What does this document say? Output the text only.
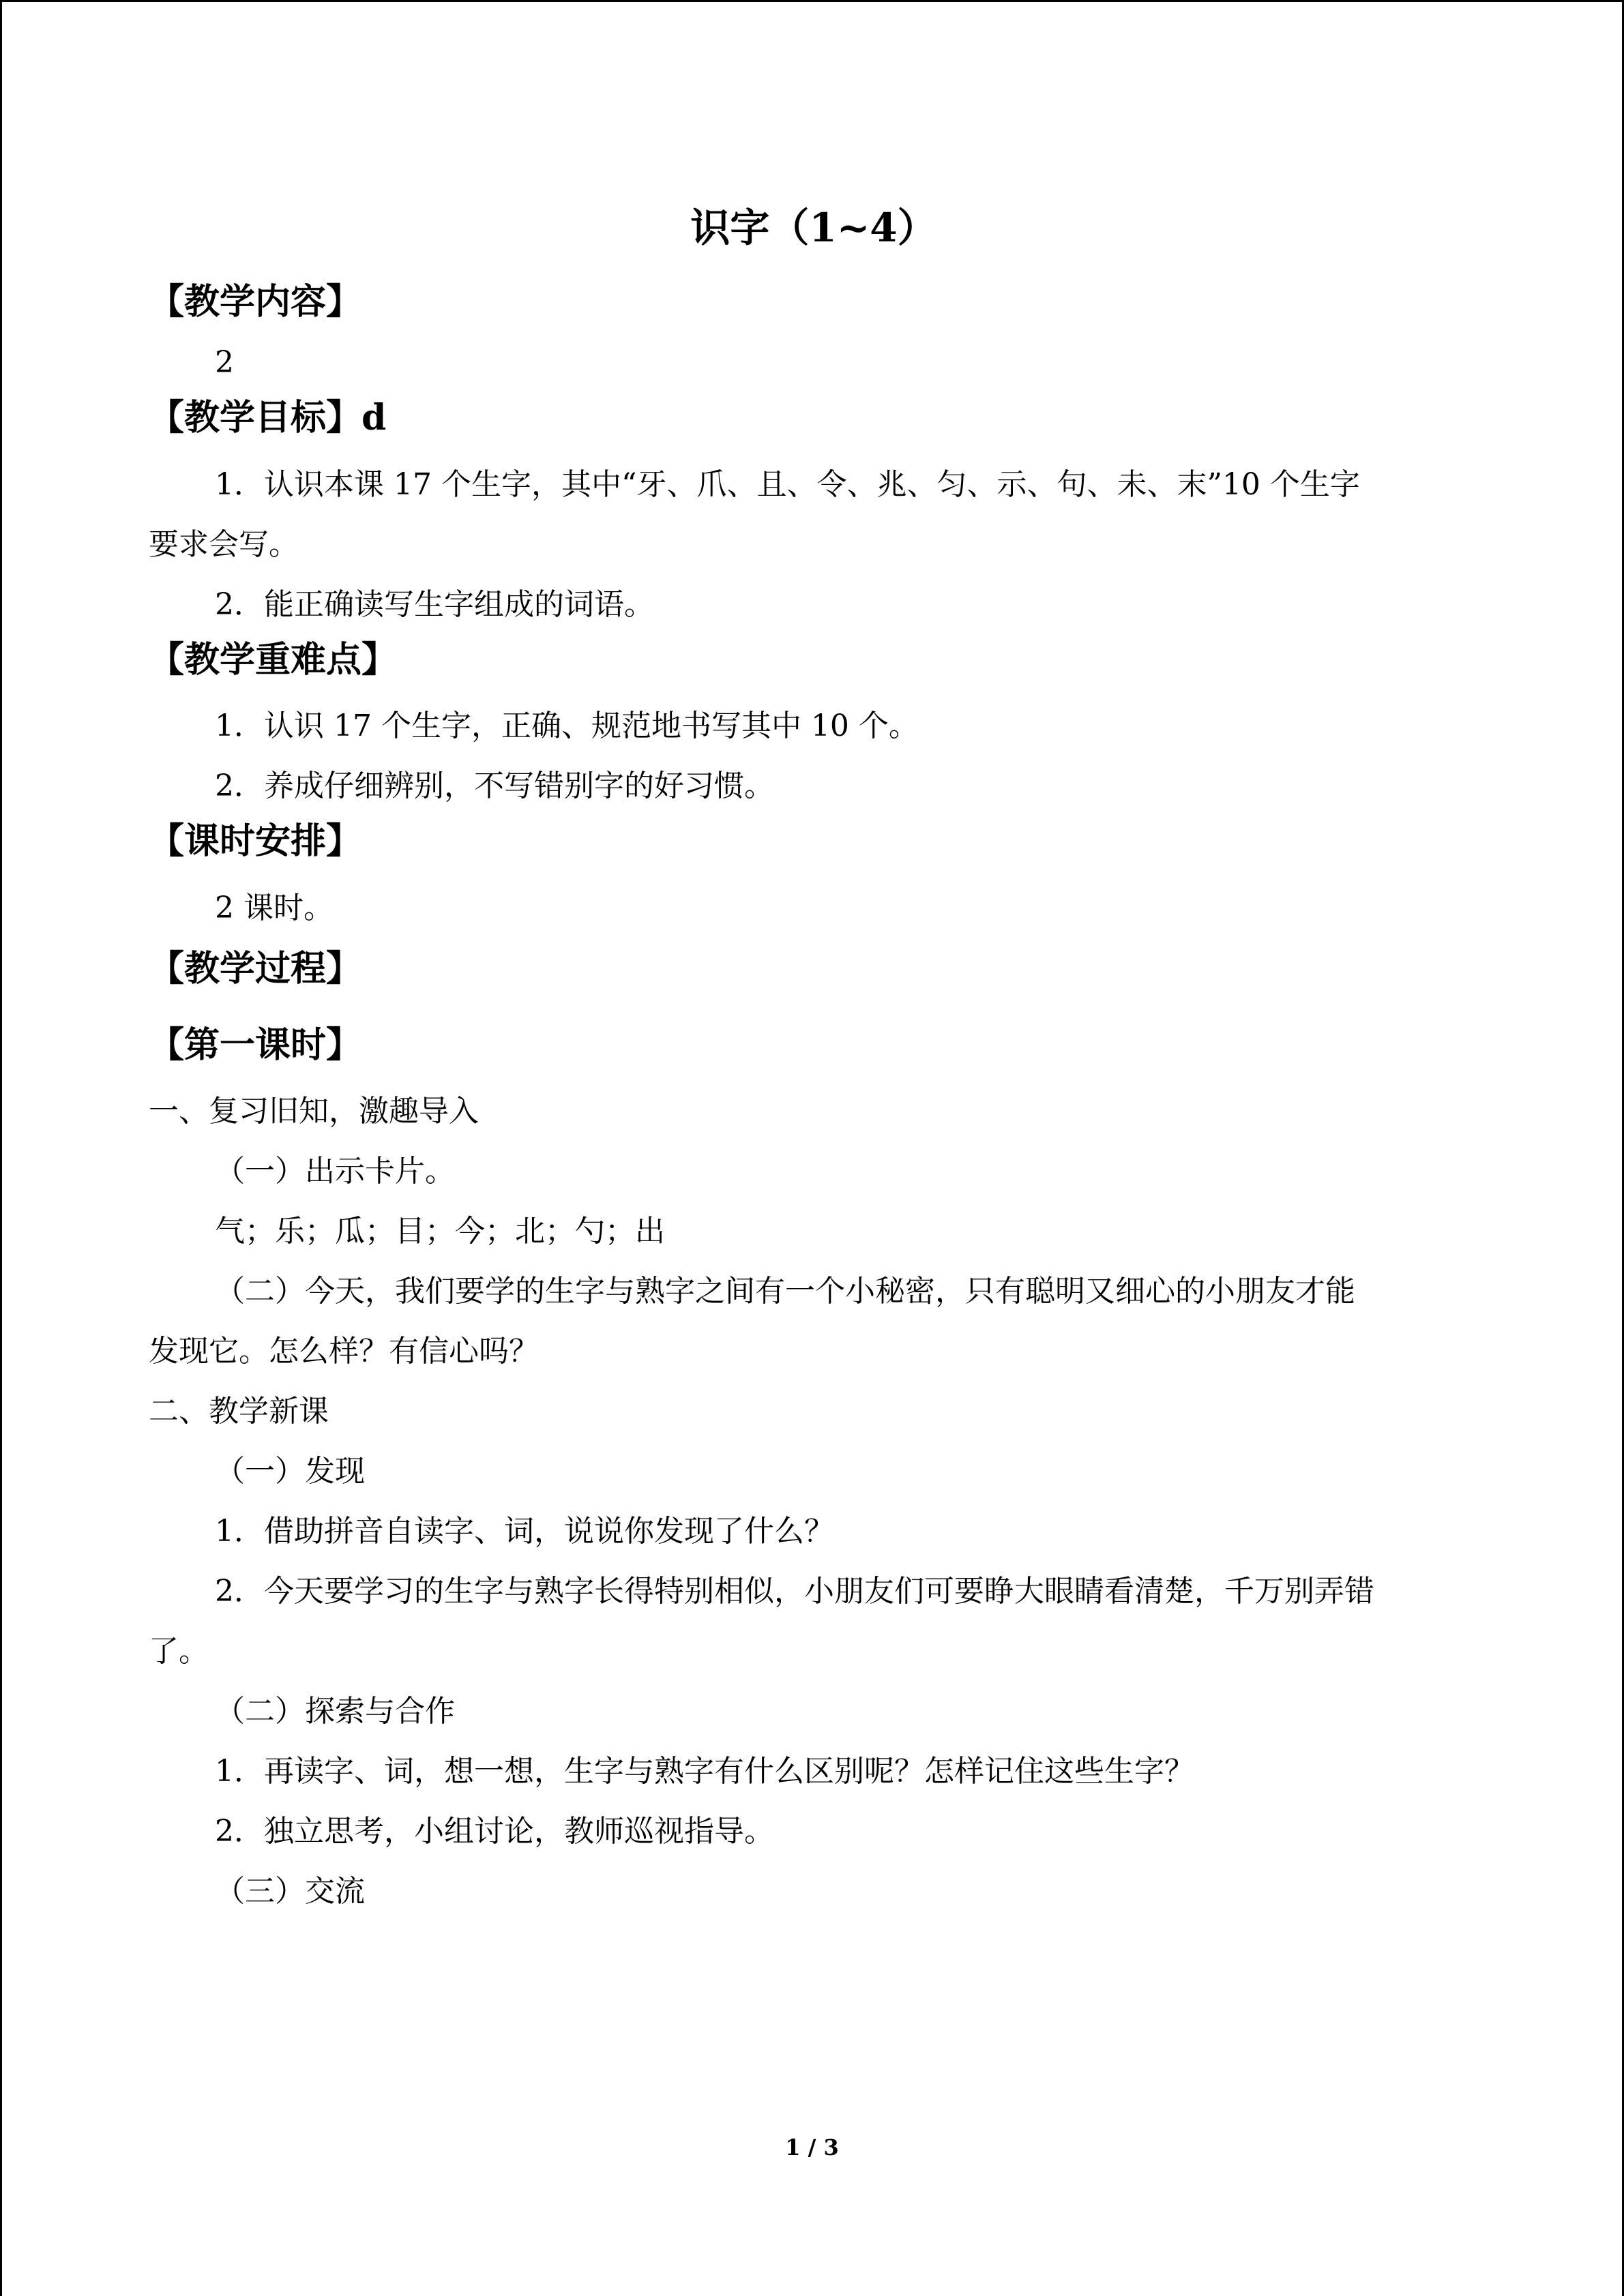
识字（1~4）
【教学内容】
2
【教学目标】d
1．认识本课 17 个生字，其中“牙、爪、且、令、兆、匀、示、句、未、末”10 个生字
要求会写。
2．能正确读写生字组成的词语。
【教学重难点】
1．认识 17 个生字，正确、规范地书写其中 10 个。
2．养成仔细辨别，不写错别字的好习惯。
【课时安排】
2 课时。
【教学过程】
【第一课时】
一、复习旧知，激趣导入
（一）出示卡片。
气；乐；瓜；目；今；北；勺；出
（二）今天，我们要学的生字与熟字之间有一个小秘密，只有聪明又细心的小朋友才能
发现它。怎么样？有信心吗？
二、教学新课
（一）发现
1．借助拼音自读字、词，说说你发现了什么？
2．今天要学习的生字与熟字长得特别相似，小朋友们可要睁大眼睛看清楚，千万别弄错
了。
（二）探索与合作
1．再读字、词，想一想，生字与熟字有什么区别呢？怎样记住这些生字？
2．独立思考，小组讨论，教师巡视指导。
（三）交流
1 / 3
